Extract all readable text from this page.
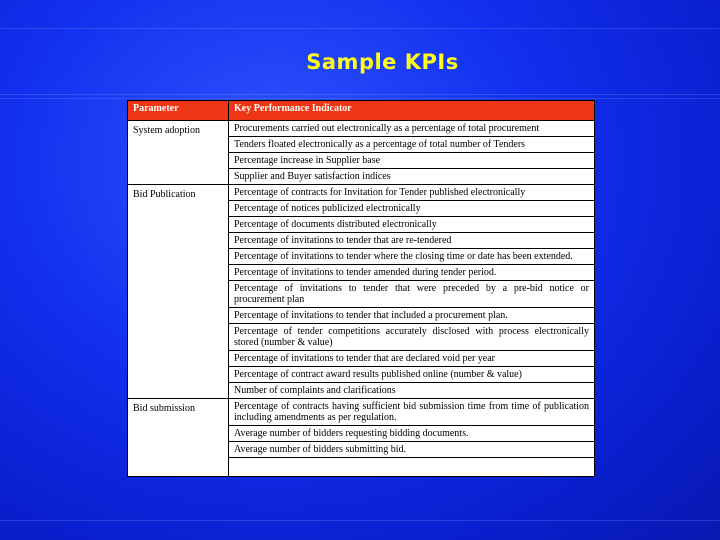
Sample KPIs
Parameter	Key Performance Indicator
System adoption	Procurements carried out electronically as a percentage of total procurement
	Tenders floated electronically as a percentage of total number of Tenders
	Percentage increase in Supplier base
	Supplier and Buyer satisfaction indices
Bid Publication	Percentage of contracts for Invitation for Tender published electronically
	Percentage of notices publicized electronically
	Percentage of documents distributed electronically
	Percentage of invitations to tender that are re-tendered
	Percentage of invitations to tender where the closing time or date has been extended.
	Percentage of invitations to tender amended during tender period.
	Percentage of invitations to tender that were preceded by a pre-bid notice or procurement plan
	Percentage of invitations to tender that included a procurement plan.
	Percentage of tender competitions accurately disclosed with process electronically stored (number & value)
	Percentage of invitations to tender that are declared void per year
	Percentage of contract award results published online (number & value)
	Number of complaints and clarifications
Bid submission	Percentage of contracts having sufficient bid submission time from time of publication including amendments as per regulation.
	Average number of bidders requesting bidding documents.
	Average number of bidders submitting bid.
